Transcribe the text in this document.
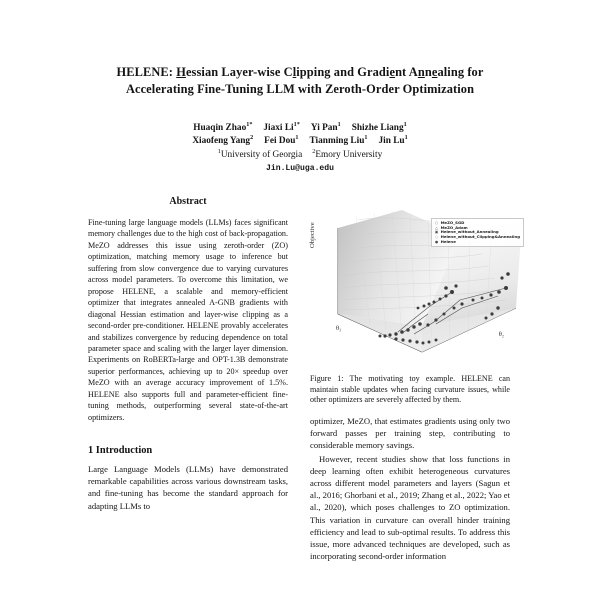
HELENE: Hessian Layer-wise Clipping and Gradient Annealing for
Accelerating Fine-Tuning LLM with Zeroth-Order Optimization
Huaqin Zhao$^{1*}$ Jiaxi $Li^{1*}$ Yi Pan$^1$ Shizhe Liang$^1$
Xiaofeng Yang$^2$ Fei Dou$^1$ Tianming Liu$^1$ Jin Lu$^1$
$^1$University of Georgia $^2$Emory University
Jin.Lu@uga.edu
Abstract

Fine-tuning large language models (LLMs) faces significant memory challenges due to the high cost of back-propagation. MeZO addresses this issue using zeroth-order (ZO) optimization, matching memory usage to inference but suffering from slow convergence due to varying curvatures across model parameters. To overcome this limitation, we propose HELENE, a scalable and memory-efficient optimizer that integrates annealed A-GNB gradients with diagonal Hessian estimation and layer-wise clipping as a second-order pre-conditioner. HELENE provably accelerates and stabilizes convergence by reducing dependence on total parameter space and scaling with the larger layer dimension. Experiments on RoBERTa-large and OPT-1.3B demonstrate superior performances, achieving up to 20× speedup over MeZO with an average accuracy improvement of 1.5%. HELENE also supports full and parameter-efficient fine-tuning methods, outperforming several state-of-the-art optimizers.

1 Introduction

Large Language Models (LLMs) have demonstrated remarkable capabilities across various downstream tasks, and fine-tuning has become the standard approach for adapting LLMs to

Objective
θ₁
θ₂
○ MeZO_SGD
△ MeZO_Adam
▣ Helene_without_Annealing
◌ Helene_without_Clipping&Annealing
● Helene
Figure 1: The motivating toy example. HELENE can maintain stable updates when facing curvature issues, while other optimizers are severely affected by them.

optimizer, MeZO, that estimates gradients using only two forward passes per training step, contributing to considerable memory savings.

However, recent studies show that loss functions in deep learning often exhibit heterogeneous curvatures across different model parameters and layers (Sagun et al., 2016; Ghorbani et al., 2019; Zhang et al., 2022; Yao et al., 2020), which poses challenges to ZO optimization. This variation in curvature can overall hinder training efficiency and lead to sub-optimal results. To address this issue, more advanced techniques are developed, such as incorporating second-order information
